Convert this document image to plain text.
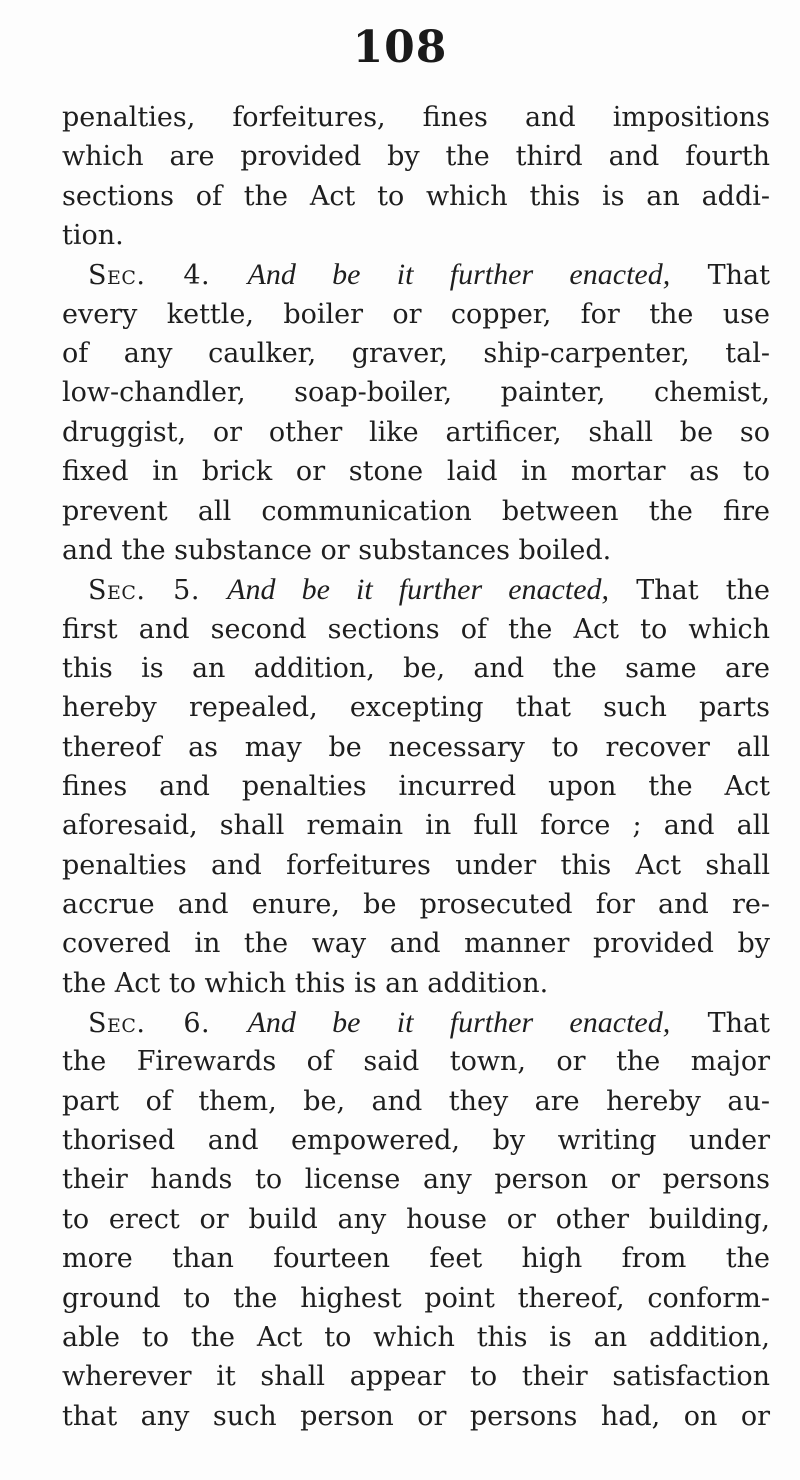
108
penalties, forfeitures, fines and impositions
which are provided by the third and fourth
sections of the Act to which this is an addi-
tion.
Sec. 4. And be it further enacted, That
every kettle, boiler or copper, for the use
of any caulker, graver, ship-carpenter, tal-
low-chandler, soap-boiler, painter, chemist,
druggist, or other like artificer, shall be so
fixed in brick or stone laid in mortar as to
prevent all communication between the fire
and the substance or substances boiled.
Sec. 5. And be it further enacted, That the
first and second sections of the Act to which
this is an addition, be, and the same are
hereby repealed, excepting that such parts
thereof as may be necessary to recover all
fines and penalties incurred upon the Act
aforesaid, shall remain in full force ; and all
penalties and forfeitures under this Act shall
accrue and enure, be prosecuted for and re-
covered in the way and manner provided by
the Act to which this is an addition.
Sec. 6. And be it further enacted, That
the Firewards of said town, or the major
part of them, be, and they are hereby au-
thorised and empowered, by writing under
their hands to license any person or persons
to erect or build any house or other building,
more than fourteen feet high from the
ground to the highest point thereof, conform-
able to the Act to which this is an addition,
wherever it shall appear to their satisfaction
that any such person or persons had, on or
